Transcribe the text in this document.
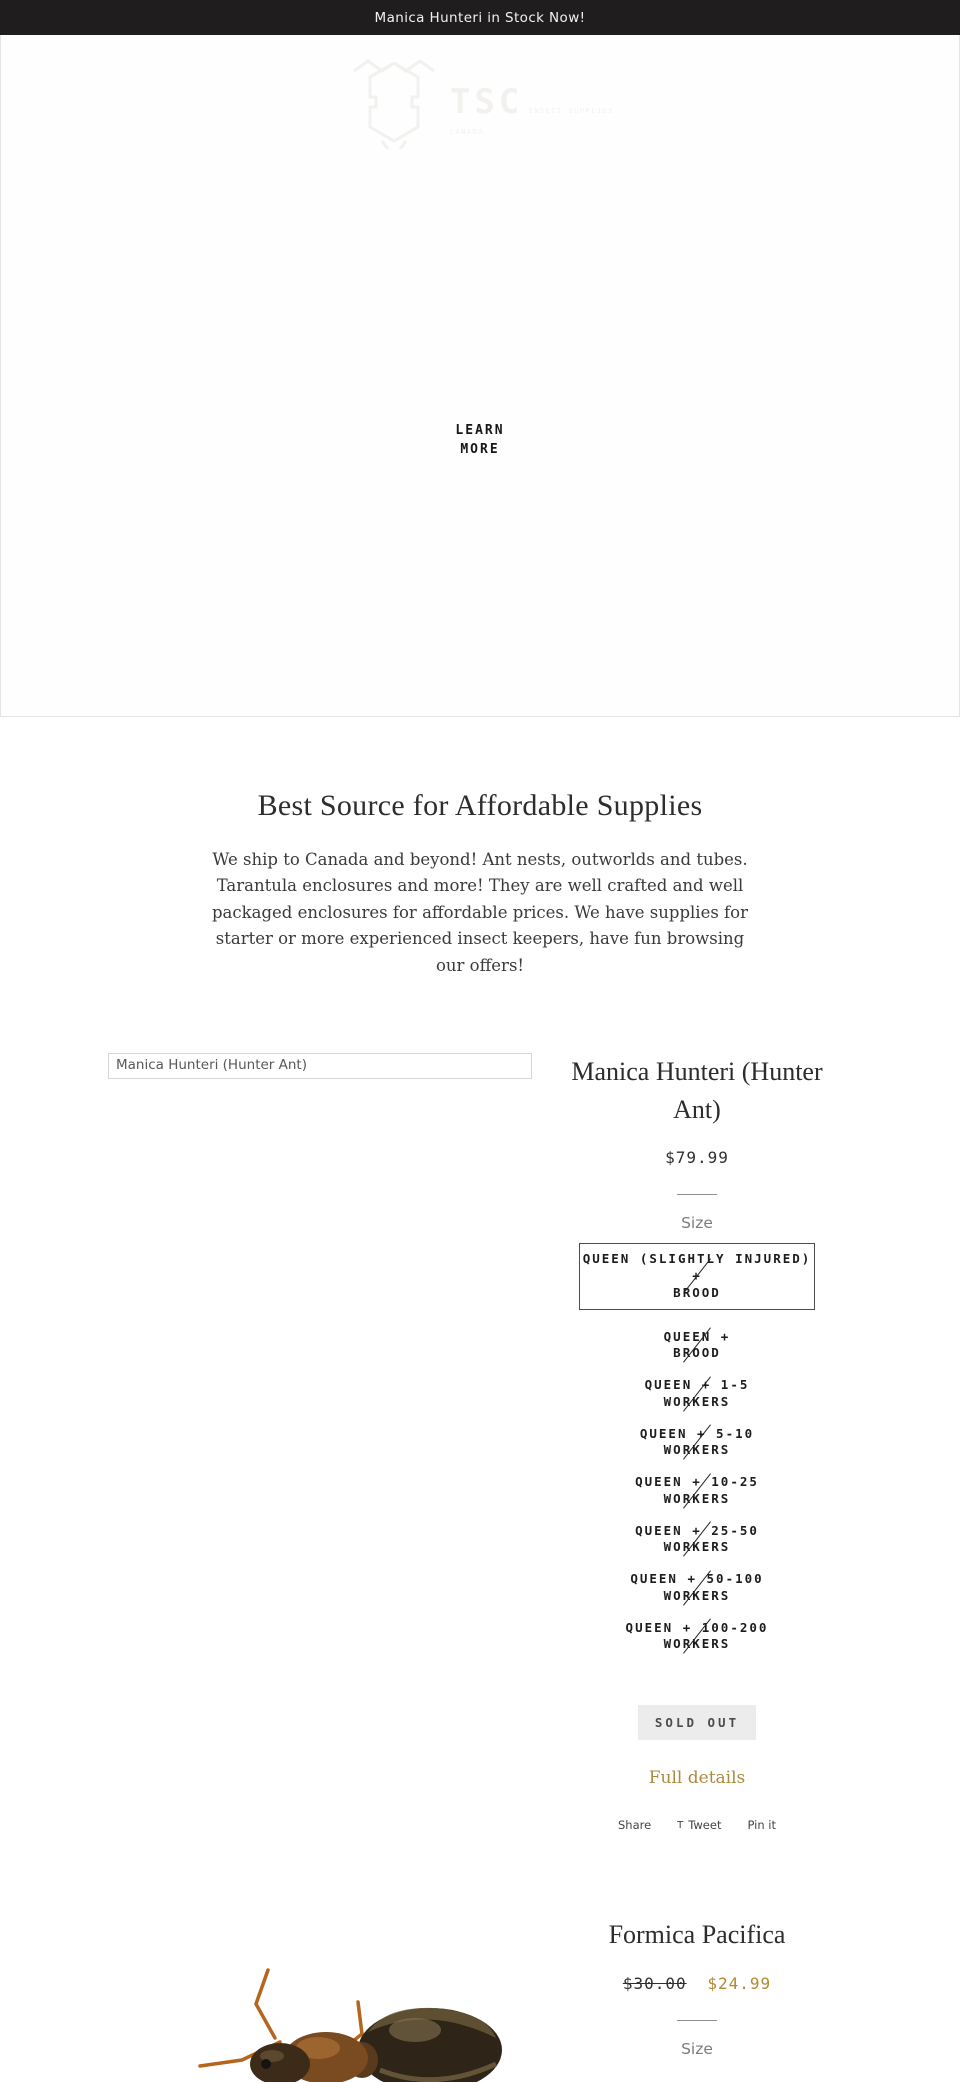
Manica Hunteri in Stock Now!
TSC INSECT SUPPLIES
CANADA
LEARN MORE
Best Source for Affordable Supplies

We ship to Canada and beyond! Ant nests, outworlds and tubes. Tarantula enclosures and more! They are well crafted and well packaged enclosures for affordable prices. We have supplies for starter or more experienced insect keepers, have fun browsing our offers!

Manica Hunteri (Hunter Ant)	Manica Hunteri (Hunter Ant)
$79.99
Size
QUEEN (SLIGHTLY INJURED) +
BROOD
QUEEN +
BROOD
QUEEN + 1-5
WORKERS
QUEEN + 5-10
WORKERS
QUEEN + 10-25
WORKERS
QUEEN + 25-50
WORKERS
QUEEN + 50-100
WORKERS
QUEEN + 100-200
WORKERS
SOLD OUT
Full details
Share	T Tweet Pin it
Formica Pacifica
$30.00 $24.99
Size
